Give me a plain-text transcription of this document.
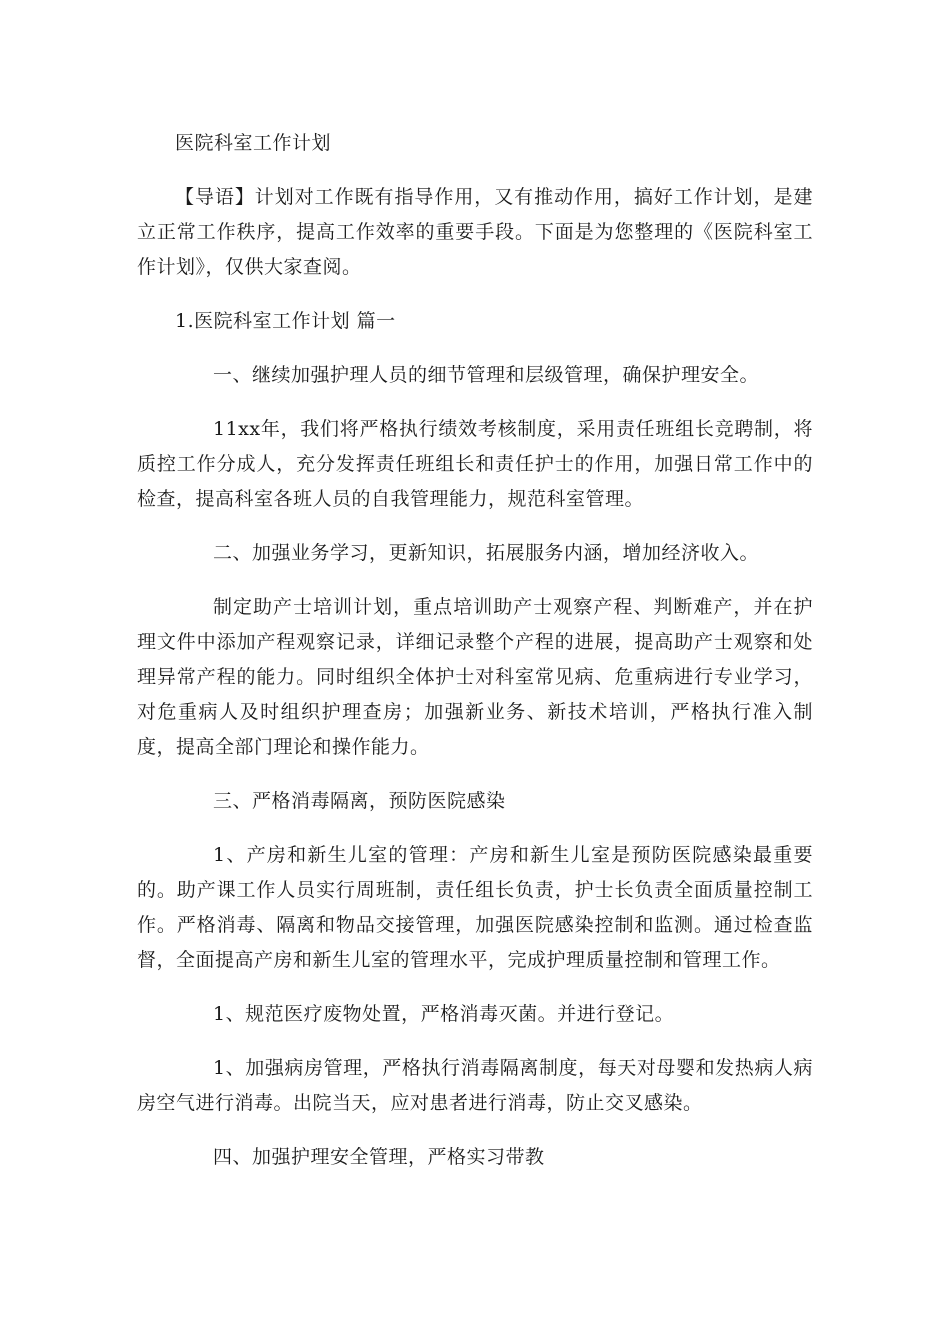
医院科室工作计划

【导语】计划对工作既有指导作用，又有推动作用，搞好工作计划，是建立正常工作秩序，提高工作效率的重要手段。下面是为您整理的《医院科室工作计划》，仅供大家查阅。

1.医院科室工作计划 篇一

一、继续加强护理人员的细节管理和层级管理，确保护理安全。

11xx年，我们将严格执行绩效考核制度，采用责任班组长竞聘制，将质控工作分成人，充分发挥责任班组长和责任护士的作用，加强日常工作中的检查，提高科室各班人员的自我管理能力，规范科室管理。

二、加强业务学习，更新知识，拓展服务内涵，增加经济收入。

制定助产士培训计划，重点培训助产士观察产程、判断难产，并在护理文件中添加产程观察记录，详细记录整个产程的进展，提高助产士观察和处理异常产程的能力。同时组织全体护士对科室常见病、危重病进行专业学习，对危重病人及时组织护理查房；加强新业务、新技术培训，严格执行准入制度，提高全部门理论和操作能力。

三、严格消毒隔离，预防医院感染

1、产房和新生儿室的管理：产房和新生儿室是预防医院感染最重要的。助产课工作人员实行周班制，责任组长负责，护士长负责全面质量控制工作。严格消毒、隔离和物品交接管理，加强医院感染控制和监测。通过检查监督，全面提高产房和新生儿室的管理水平，完成护理质量控制和管理工作。

1、规范医疗废物处置，严格消毒灭菌。并进行登记。

1、加强病房管理，严格执行消毒隔离制度，每天对母婴和发热病人病房空气进行消毒。出院当天，应对患者进行消毒，防止交叉感染。

四、加强护理安全管理，严格实习带教
